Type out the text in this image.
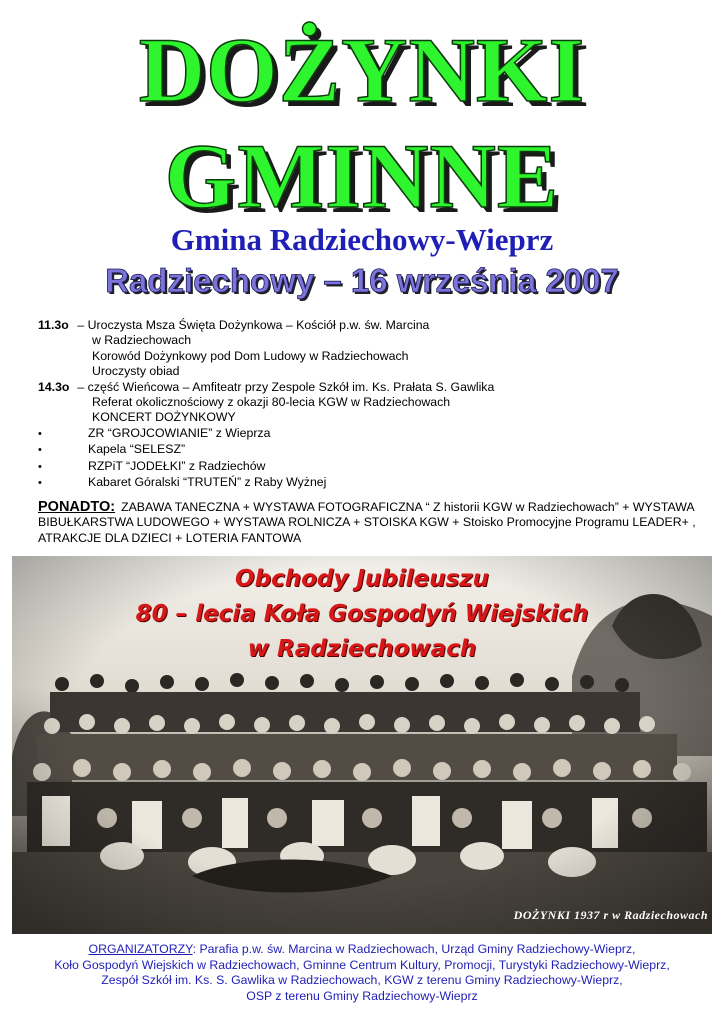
DOŻYNKI
GMINNE
Gmina Radziechowy-Wieprz
Radziechowy – 16 września 2007
11.3o – Uroczysta Msza Święta Dożynkowa – Kościół p.w. św. Marcina
w Radziechowach
Korowód Dożynkowy pod Dom Ludowy w Radziechowach
Uroczysty obiad
14.3o – część Wieńcowa – Amfiteatr przy Zespole Szkół im. Ks. Prałata S. Gawlika
Referat okolicznościowy z okazji 80-lecia KGW w Radziechowach
KONCERT DOŻYNKOWY
•	ZR “GROJCOWIANIE” z Wieprza
•	Kapela “SELESZ”
•	RZPiT “JODEŁKI” z Radziechów
•	Kabaret Góralski “TRUTEŃ” z Raby Wyżnej
PONADTO: ZABAWA TANECZNA + WYSTAWA FOTOGRAFICZNA “ Z historii KGW w Radziechowach” + WYSTAWA BIBUŁKARSTWA LUDOWEGO + WYSTAWA ROLNICZA + STOISKA KGW + Stoisko Promocyjne Programu LEADER+ , ATRAKCJE DLA DZIECI + LOTERIA FANTOWA
Obchody Jubileuszu
80 – lecia Koła Gospodyń Wiejskich
w Radziechowach
DOŻYNKI 1937 r w Radziechowach
ORGANIZATORZY: Parafia p.w. św. Marcina w Radziechowach, Urząd Gminy Radziechowy-Wieprz,
Koło Gospodyń Wiejskich w Radziechowach, Gminne Centrum Kultury, Promocji, Turystyki Radziechowy-Wieprz,
Zespół Szkół im. Ks. S. Gawlika w Radziechowach, KGW z terenu Gminy Radziechowy-Wieprz,
OSP z terenu Gminy Radziechowy-Wieprz
